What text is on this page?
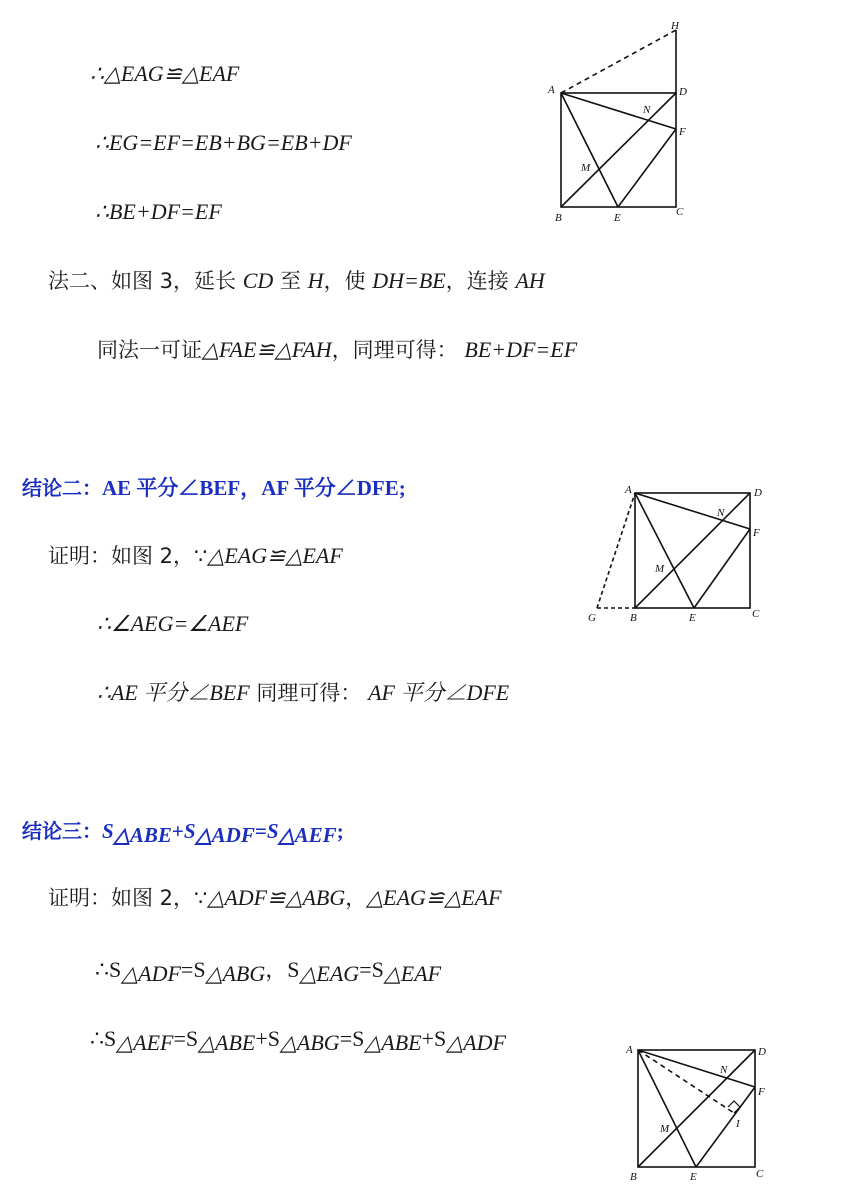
∴△EAG≌△EAF
∴EG=EF=EB+BG=EB+DF
∴BE+DF=EF
法二、如图 3，延长 CD 至 H，使 DH=BE，连接 AH
同法一可证△FAE≌△FAH，同理可得： BE+DF=EF
结论二：AE 平分∠BEF，AF 平分∠DFE;
证明：如图 2，∵△EAG≌△EAF
∴∠AEG=∠AEF
∴AE 平分∠BEF 同理可得： AF 平分∠DFE
结论三：$S_{\triangle ABE}+S_{\triangle ADF}=S_{\triangle AEF}$;
证明：如图 2，∵△ADF≌△ABG，△EAG≌△EAF
$\therefore S_{\triangle ADF}=S_{\triangle ABG}$，$S_{\triangle EAG}=S_{\triangle EAF}$
$\therefore S_{\triangle AEF}=S_{\triangle ABE}+S_{\triangle ABG}=S_{\triangle ABE}+S_{\triangle ADF}$
A	D
F
H
N
M
B	E	C
A	D
F
N
M
G	B	E	C
A	D
F
N
I
M
B	E	C
